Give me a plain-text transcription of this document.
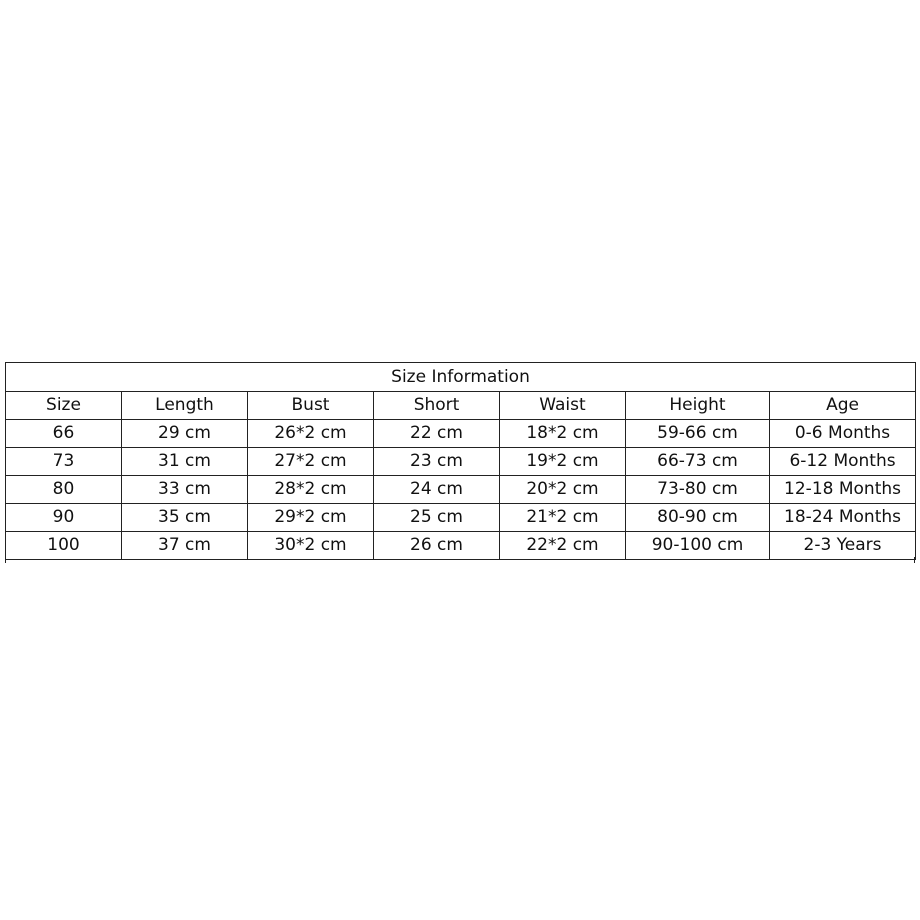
Size Information						
Size	Length	Bust	Short	Waist	Height	Age
66	29 cm	26*2 cm	22 cm	18*2 cm	59-66 cm	0-6 Months
73	31 cm	27*2 cm	23 cm	19*2 cm	66-73 cm	6-12 Months
80	33 cm	28*2 cm	24 cm	20*2 cm	73-80 cm	12-18 Months
90	35 cm	29*2 cm	25 cm	21*2 cm	80-90 cm	18-24 Months
100	37 cm	30*2 cm	26 cm	22*2 cm	90-100 cm	2-3 Years
